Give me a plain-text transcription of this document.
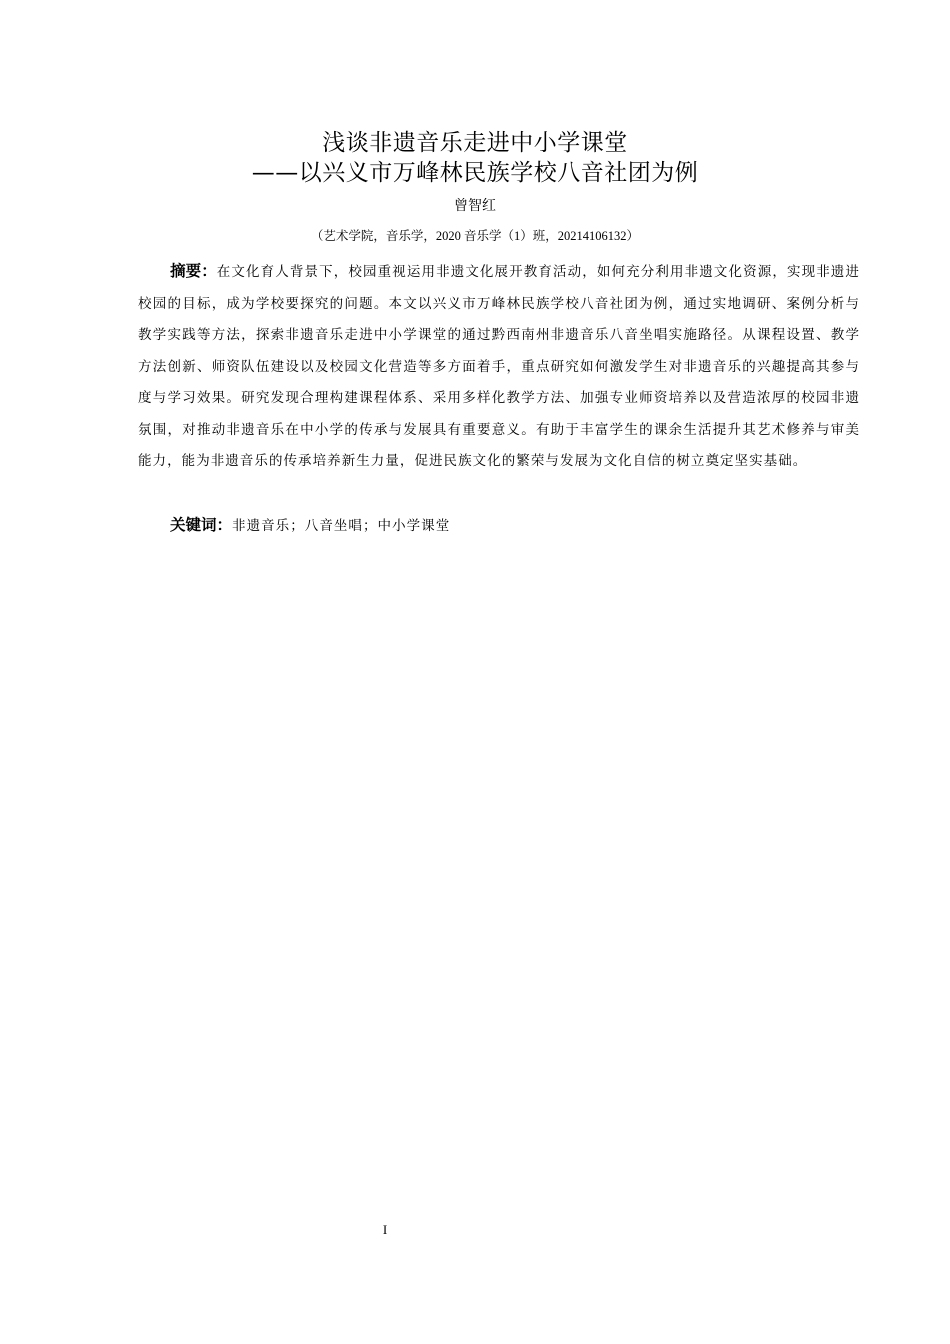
浅谈非遗音乐走进中小学课堂
——以兴义市万峰林民族学校八音社团为例
曾智红
（艺术学院，音乐学，2020 音乐学（1）班，20214106132）
摘要：在文化育人背景下，校园重视运用非遗文化展开教育活动，如何充分利用非遗文化资源，实现非遗进校园的目标，成为学校要探究的问题。本文以兴义市万峰林民族学校八音社团为例，通过实地调研、案例分析与教学实践等方法，探索非遗音乐走进中小学课堂的通过黔西南州非遗音乐八音坐唱实施路径。从课程设置、教学方法创新、师资队伍建设以及校园文化营造等多方面着手，重点研究如何激发学生对非遗音乐的兴趣提高其参与度与学习效果。研究发现合理构建课程体系、采用多样化教学方法、加强专业师资培养以及营造浓厚的校园非遗氛围，对推动非遗音乐在中小学的传承与发展具有重要意义。有助于丰富学生的课余生活提升其艺术修养与审美能力，能为非遗音乐的传承培养新生力量，促进民族文化的繁荣与发展为文化自信的树立奠定坚实基础。
关键词：非遗音乐；八音坐唱；中小学课堂
I
